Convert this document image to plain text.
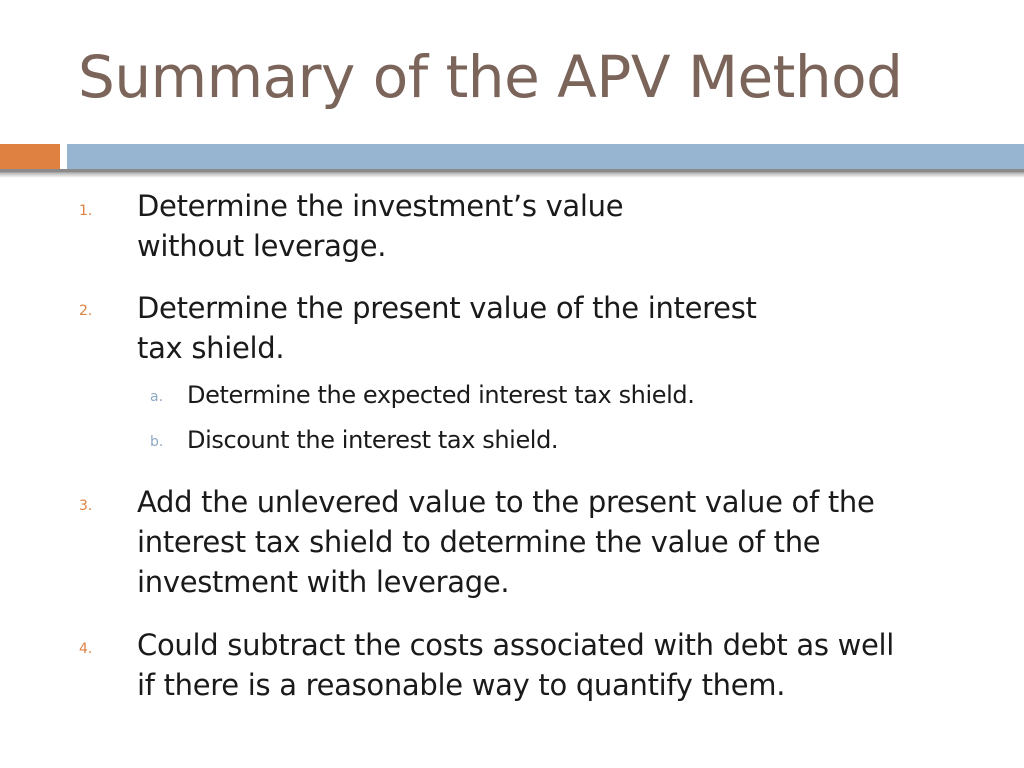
Summary of the APV Method
1. Determine the investment’s value
without leverage.
2. Determine the present value of the interest
tax shield.
a. Determine the expected interest tax shield.
b. Discount the interest tax shield.
3. Add the unlevered value to the present value of the
interest tax shield to determine the value of the
investment with leverage.
4. Could subtract the costs associated with debt as well
if there is a reasonable way to quantify them.
